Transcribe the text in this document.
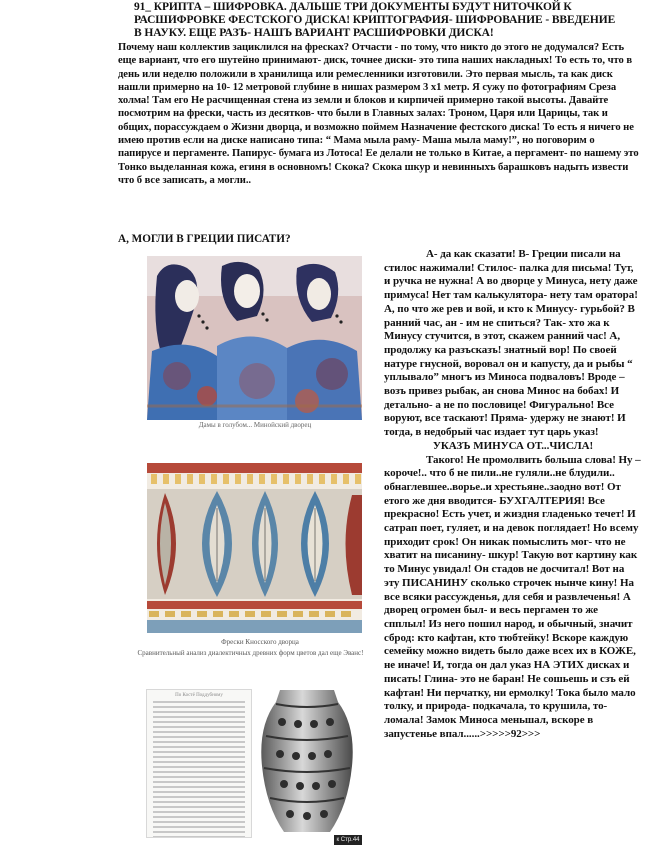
91_ КРИПТА – ШИФРОВКА. ДАЛЬШЕ ТРИ ДОКУМЕНТЫ БУДУТ НИТОЧКОЙ К
РАСШИФРОВКЕ ФЕСТСКОГО ДИСКА! КРИПТОГРАФИЯ- ШИФРОВАНИЕ - ВВЕДЕНИЕ
В НАУКУ. ЕЩЕ РАЗЪ- НАШЪ ВАРИАНТ РАСШИФРОВКИ ДИСКА!

Почему наш коллектив зациклился на фресках? Отчасти - по тому, что никто до этого не додумался? Есть еще вариант, что его шутейно принимают- диск, точнее диски- это типа наших накладных! То есть то, что в день или неделю положили в хранилища или ремесленники изготовили. Это первая мысль, та как диск нашли примерно на 10- 12 метровой глубине в нишах размером 3 х1 метр. Я сужу по фотографиям Среза холма! Там его Не расчищенная стена из земли и блоков и кирпичей примерно такой высоты. Давайте посмотрим на фрески, часть из десятков- что были в Главных залах: Троном, Царя или Царицы, так и общих, порассуждаем о Жизни дворца, и возможно поймем Назначение фестского диска! То есть я ничего не имею против если на диске написано типа: “ Мама мыла раму- Маша мыла маму!”, но поговорим о папирусе и пергаменте. Папирус- бумага из Лотоса! Ее делали не только в Китае, а пергамент- по нашему это Тонко выделанная кожа, егиня в основномъ! Скока? Скока шкур и невинныхъ барашковъ надыть извести что б все записать, а могли..

А, МОГЛИ В ГРЕЦИИ ПИСАТИ?
Дамы в голубом... Минойский дворец
Фрески Кносского дворца
Сравнительный анализ диалектичных древних форм цветов дал еще Эванс!
По Костё Поддубному
к Стр.44

А- да как сказати! В- Греции писали на стилос нажимали! Стилос- палка для письма! Тут, и ручка не нужна! А во дворце у Минуса, нету даже примуса! Нет там калькулятора- нету там оратора! А, по что же рев и вой, и кто к Минусу- гурьбой? В ранний час, ан - им не спиться? Так- хто жа к Минусу стучится, в этот, скажем ранний час! А, продолжу ка разъсказъ! знатный вор! По своей натуре гнусной, воровал он и капусту, да и рыбы “ уплывало” многъ из Миноса подваловъ! Вроде – возъ привез рыбак, ан снова Минос на бобах! И детально- а не по пословице! Фигурально! Все воруют, все таскают! Пряма- удержу не знают! И тогда, в недобрый час издает тут царь указ!

УКАЗЪ МИНУСА ОТ...ЧИСЛА!

Такого! Не промолвить больша слова! Ну – короче!.. что б не пили..не гуляли..не блудили.. обнаглевшее..ворье..и хрестьяне..заодно вот! От етого же дня вводится- БУХГАЛТЕРИЯ! Все прекрасно! Есть учет, и жиздня гладенько течет! И сатрап поет, гуляет, и на девок поглядает! Но всему приходит срок! Он никак помыслить мог- что не хватит на писанину- шкур! Такую вот картину как то Минус увидал! Он стадов не досчитал! Вот на эту ПИСАНИНУ сколько строчек нынче кину! На все всяки рассужденья, для себя и развлеченья! А дворец огромен был- и весь пергамен то же спплыл! Из него пошил народ, и обычный, значит сброд: кто кафтан, кто тюбтейку! Вскоре каждую семейку можно видеть было даже всех их в КОЖЕ, не иначе! И, тогда он дал указ НА ЭТИХ дисках и писать! Глина- это не баран! Не сошьешь и сзъ ей кафтан! Ни перчатку, ни ермолку! Тока было мало толку, и природа- подкачала, то крушила, то- ломала! Замок Миноса меньшал, вскоре в запустенье впал......>>>>>92>>>
